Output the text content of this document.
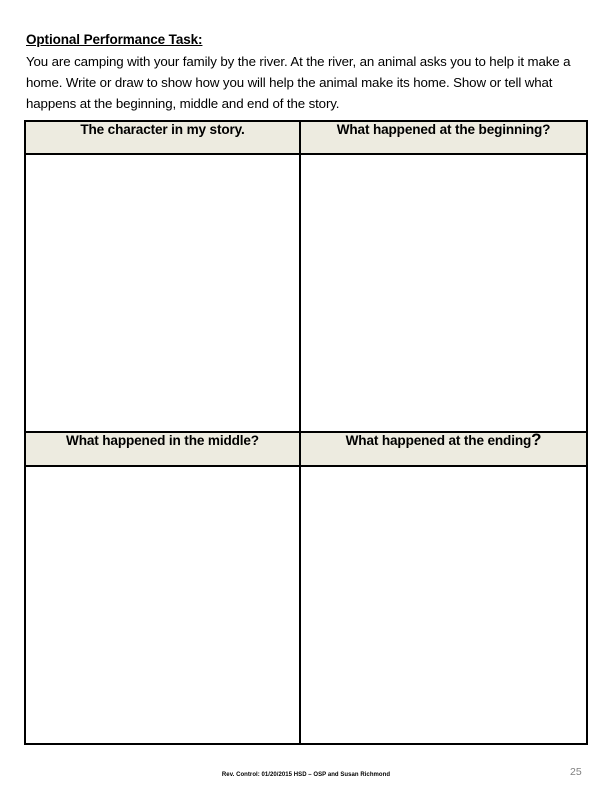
Optional Performance Task:
You are camping with your family by the river. At the river, an animal asks you to help it make a home. Write or draw to show how you will help the animal make its home. Show or tell what happens at the beginning, middle and end of the story.
The character in my story.	What happened at the beginning?

What happened in the middle?	What happened at the ending?

Rev. Control: 01/20/2015 HSD – OSP and Susan Richmond	25
